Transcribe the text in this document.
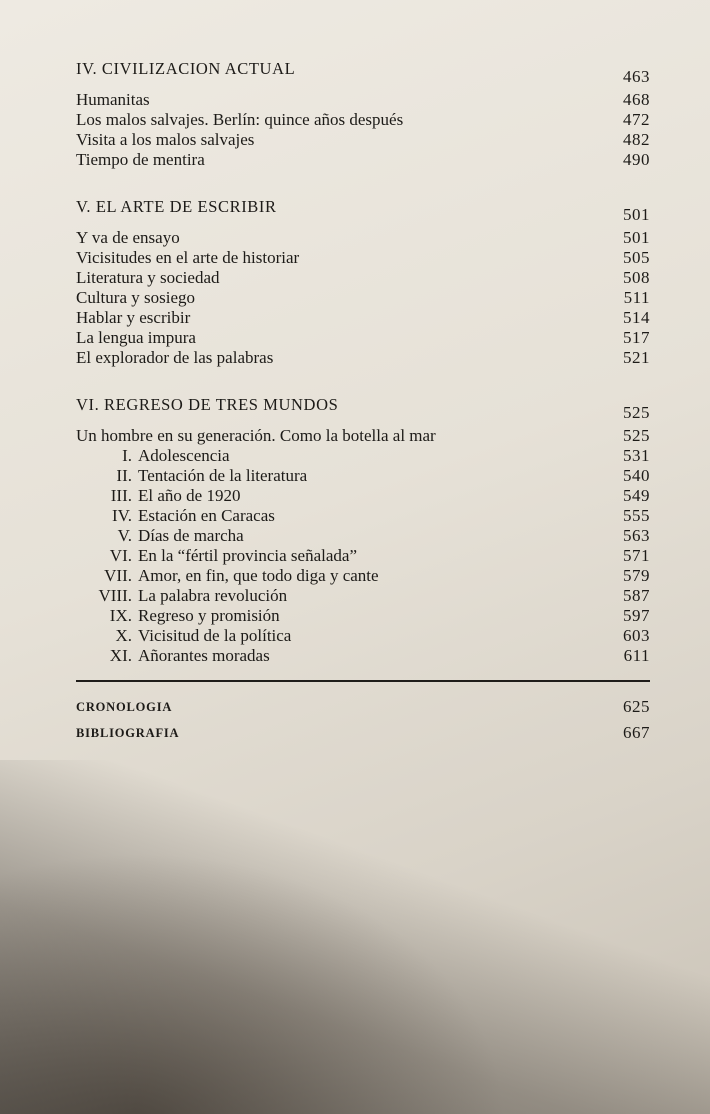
IV. CIVILIZACION ACTUAL	463
Humanitas	468
Los malos salvajes. Berlín: quince años después	472
Visita a los malos salvajes	482
Tiempo de mentira	490
V. EL ARTE DE ESCRIBIR	501
Y va de ensayo	501
Vicisitudes en el arte de historiar	505
Literatura y sociedad	508
Cultura y sosiego	511
Hablar y escribir	514
La lengua impura	517
El explorador de las palabras	521
VI. REGRESO DE TRES MUNDOS	525
Un hombre en su generación. Como la botella al mar	525
I. Adolescencia	531
II. Tentación de la literatura	540
III. El año de 1920	549
IV. Estación en Caracas	555
V. Días de marcha	563
VI. En la “fértil provincia señalada”	571
VII. Amor, en fin, que todo diga y cante	579
VIII. La palabra revolución	587
IX. Regreso y promisión	597
X. Vicisitud de la política	603
XI. Añorantes moradas	611
CRONOLOGIA	625
BIBLIOGRAFIA	667
